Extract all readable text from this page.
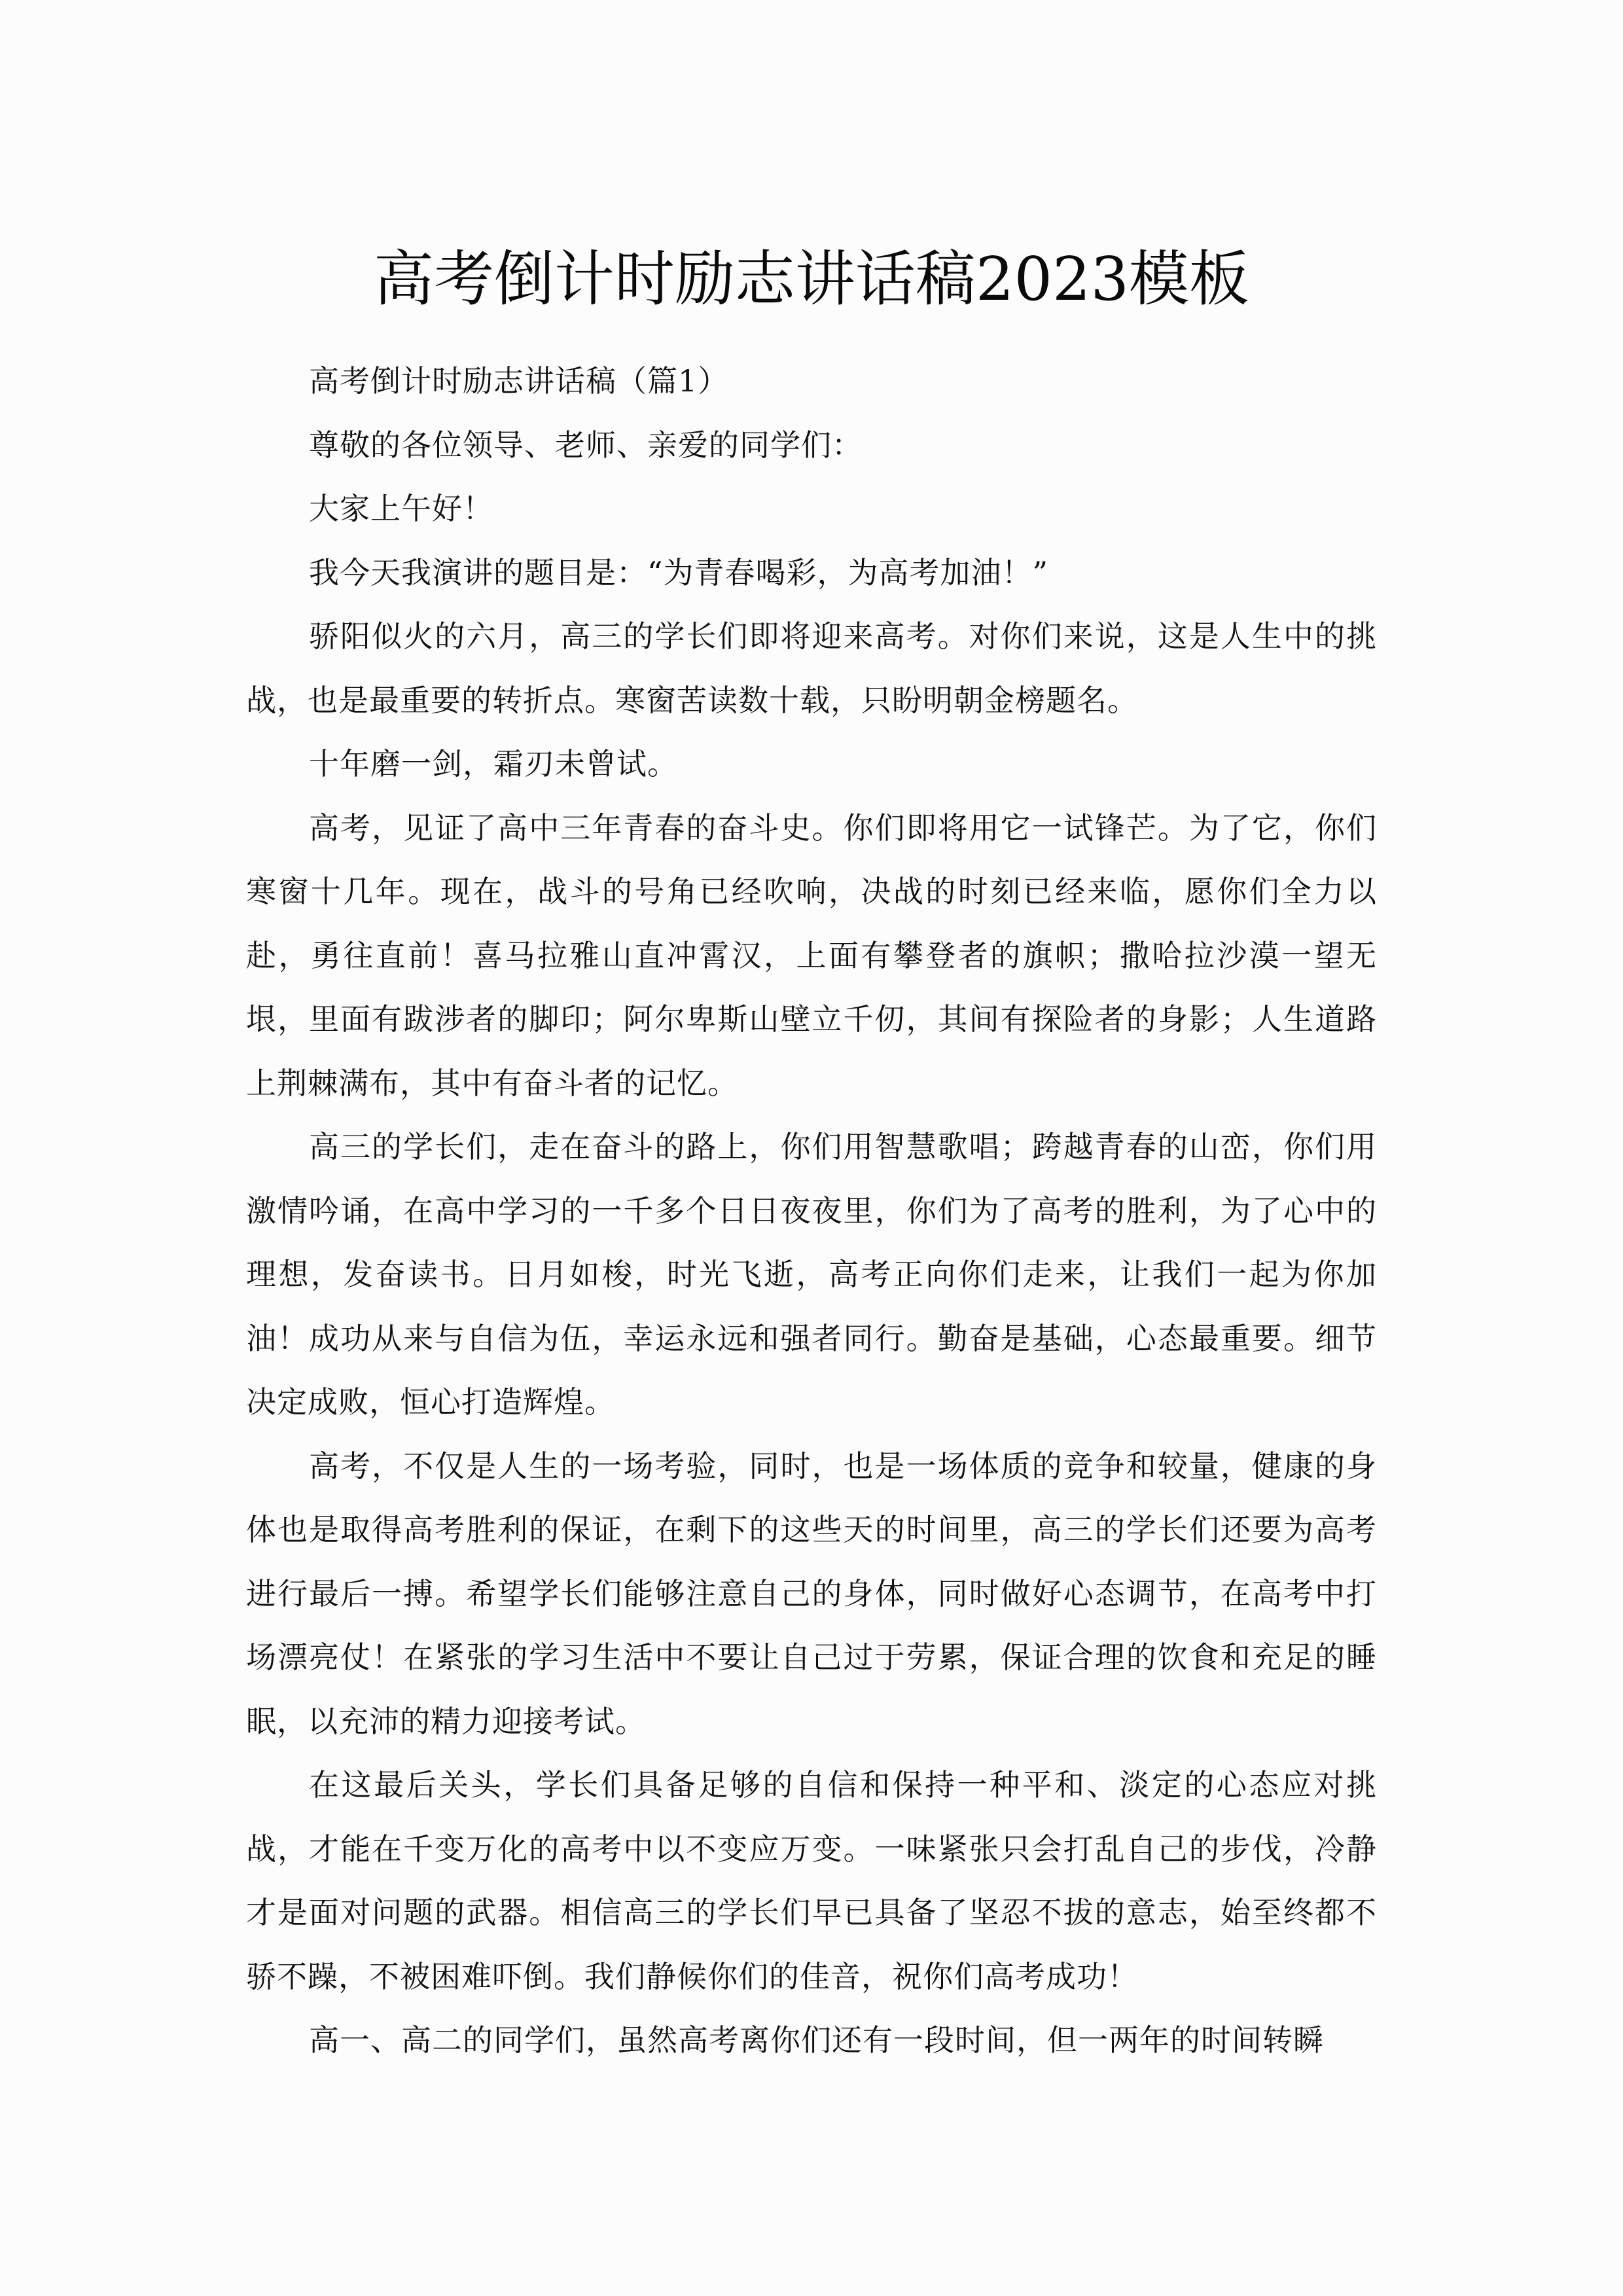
高考倒计时励志讲话稿2023模板

高考倒计时励志讲话稿（篇1）

尊敬的各位领导、老师、亲爱的同学们：

大家上午好！

我今天我演讲的题目是：“为青春喝彩，为高考加油！”

骄阳似火的六月，高三的学长们即将迎来高考。对你们来说，这是人生中的挑战，也是最重要的转折点。寒窗苦读数十载，只盼明朝金榜题名。

十年磨一剑，霜刃未曾试。

高考，见证了高中三年青春的奋斗史。你们即将用它一试锋芒。为了它，你们寒窗十几年。现在，战斗的号角已经吹响，决战的时刻已经来临，愿你们全力以赴，勇往直前！喜马拉雅山直冲霄汉，上面有攀登者的旗帜；撒哈拉沙漠一望无垠，里面有跋涉者的脚印；阿尔卑斯山壁立千仞，其间有探险者的身影；人生道路上荆棘满布，其中有奋斗者的记忆。

高三的学长们，走在奋斗的路上，你们用智慧歌唱；跨越青春的山峦，你们用激情吟诵，在高中学习的一千多个日日夜夜里，你们为了高考的胜利，为了心中的理想，发奋读书。日月如梭，时光飞逝，高考正向你们走来，让我们一起为你加油！成功从来与自信为伍，幸运永远和强者同行。勤奋是基础，心态最重要。细节决定成败，恒心打造辉煌。

高考，不仅是人生的一场考验，同时，也是一场体质的竞争和较量，健康的身体也是取得高考胜利的保证，在剩下的这些天的时间里，高三的学长们还要为高考进行最后一搏。希望学长们能够注意自己的身体，同时做好心态调节，在高考中打场漂亮仗！在紧张的学习生活中不要让自己过于劳累，保证合理的饮食和充足的睡眠，以充沛的精力迎接考试。

在这最后关头，学长们具备足够的自信和保持一种平和、淡定的心态应对挑战，才能在千变万化的高考中以不变应万变。一味紧张只会打乱自己的步伐，冷静才是面对问题的武器。相信高三的学长们早已具备了坚忍不拔的意志，始至终都不骄不躁，不被困难吓倒。我们静候你们的佳音，祝你们高考成功！

高一、高二的同学们，虽然高考离你们还有一段时间，但一两年的时间转瞬
